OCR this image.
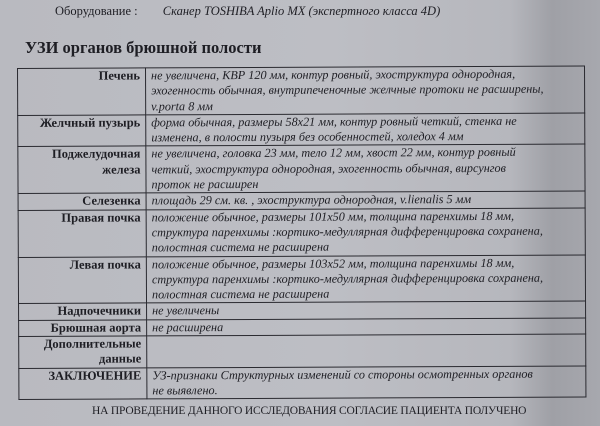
Оборудование : Сканер TOSHIBA Aplio MX (экспертного класса 4D)
УЗИ органов брюшной полости
Печень	не увеличена, КВР 120 мм, контур ровный, эхоструктура однородная,
эхогенность обычная, внутрипеченочные желчные протоки не расширены,
v.porta 8 мм

Желчный пузырь	форма обычная, размеры 58х21 мм, контур ровный четкий, стенка не
изменена, в полости пузыря без особенностей, холедох 4 мм

Поджелудочная
железа	не увеличена, головка 23 мм, тело 12 мм, хвост 22 мм, контур ровный
четкий, эхоструктура однородная, эхогенность обычная, вирсунгов
проток не расширен

Селезенка	площадь 29 см. кв. , эхоструктура однородная, v.lienalis 5 мм

Правая почка	положение обычное, размеры 101х50 мм, толщина паренхимы 18 мм,
структура паренхимы :кортико-медуллярная дифференцировка сохранена,
полостная система не расширена

Левая почка	положение обычное, размеры 103х52 мм, толщина паренхимы 18 мм,
структура паренхимы :кортико-медуллярная дифференцировка сохранена,
полостная система не расширена

Надпочечники	не увеличены

Брюшная аорта	не расширена

Дополнительные
данные	

ЗАКЛЮЧЕНИЕ	УЗ-признаки Структурных изменений со стороны осмотренных органов
не выявлено.
НА ПРОВЕДЕНИЕ ДАННОГО ИССЛЕДОВАНИЯ СОГЛАСИЕ ПАЦИЕНТА ПОЛУЧЕНО
